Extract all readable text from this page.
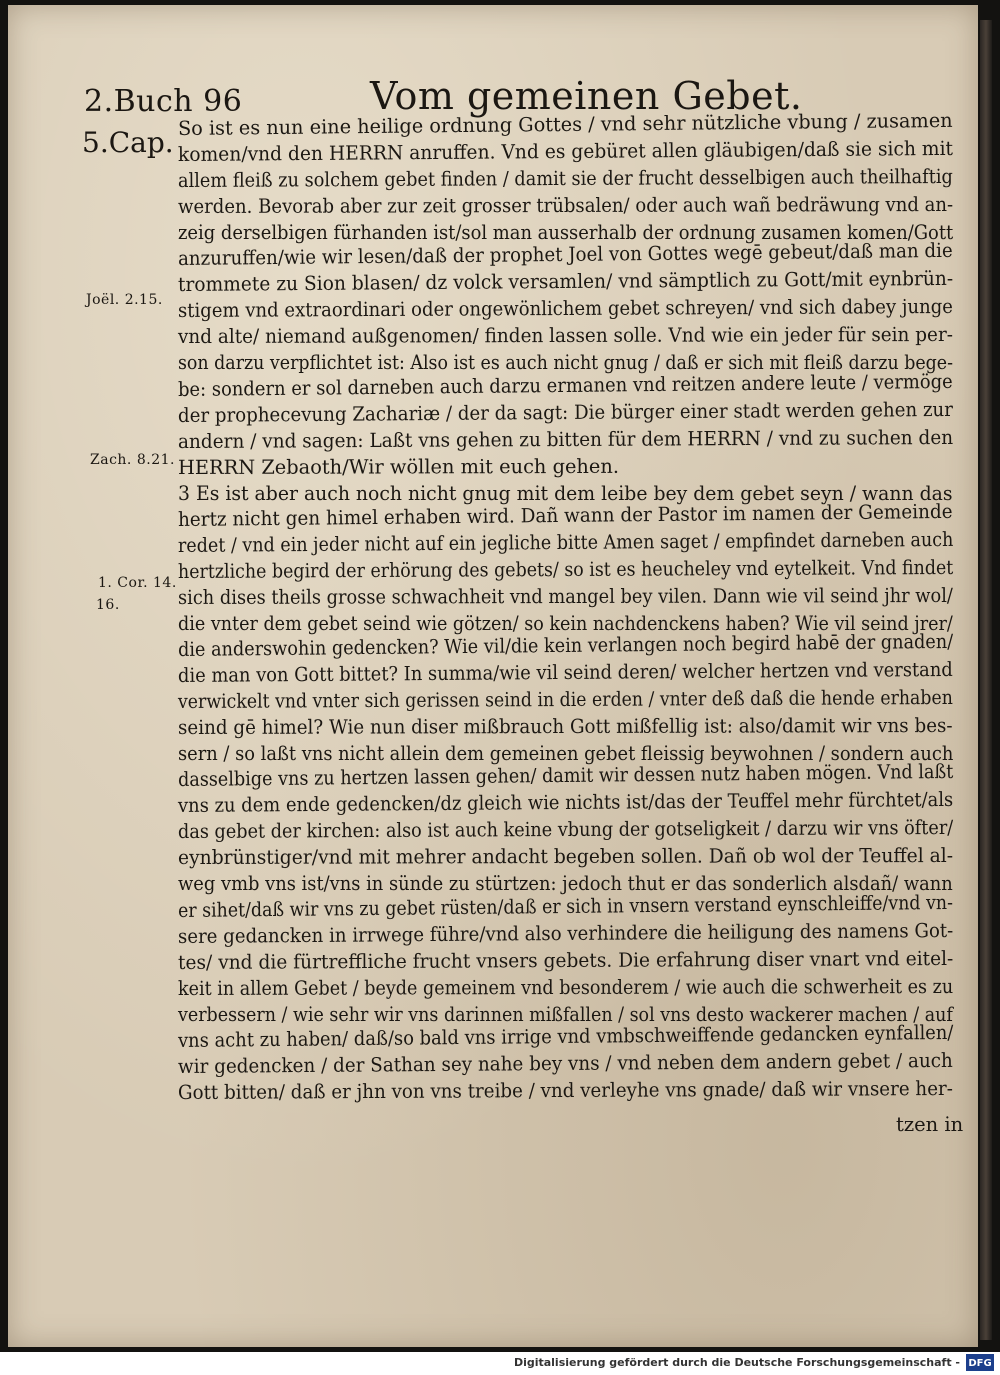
2.Buch 96	Vom gemeinen Gebet.
5.Cap.
Joël. 2.15.
Zach. 8.21.
1. Cor. 14.
16.
So ist es nun eine heilige ordnung Gottes / vnd sehr nützliche vbung / zusamen
komen/vnd den HERRN anruffen. Vnd es gebüret allen gläubigen/daß sie sich mit
allem fleiß zu solchem gebet finden / damit sie der frucht desselbigen auch theilhaftig
werden. Bevorab aber zur zeit grosser trübsalen/ oder auch wañ bedräwung vnd an-
zeig derselbigen fürhanden ist/sol man ausserhalb der ordnung zusamen komen/Gott
anzuruffen/wie wir lesen/daß der prophet Joel von Gottes wegē gebeut/daß man die
trommete zu Sion blasen/ dz volck versamlen/ vnd sämptlich zu Gott/mit eynbrün-
stigem vnd extraordinari oder ongewönlichem gebet schreyen/ vnd sich dabey junge
vnd alte/ niemand außgenomen/ finden lassen solle. Vnd wie ein jeder für sein per-
son darzu verpflichtet ist: Also ist es auch nicht gnug / daß er sich mit fleiß darzu bege-
be: sondern er sol darneben auch darzu ermanen vnd reitzen andere leute / vermöge
der prophecevung Zachariæ / der da sagt: Die bürger einer stadt werden gehen zur
andern / vnd sagen: Laßt vns gehen zu bitten für dem HERRN / vnd zu suchen den
HERRN Zebaoth/Wir wöllen mit euch gehen.
3 Es ist aber auch noch nicht gnug mit dem leibe bey dem gebet seyn / wann das
hertz nicht gen himel erhaben wird. Dañ wann der Pastor im namen der Gemeinde
redet / vnd ein jeder nicht auf ein jegliche bitte Amen saget / empfindet darneben auch
hertzliche begird der erhörung des gebets/ so ist es heucheley vnd eytelkeit. Vnd findet
sich dises theils grosse schwachheit vnd mangel bey vilen. Dann wie vil seind jhr wol/
die vnter dem gebet seind wie götzen/ so kein nachdenckens haben? Wie vil seind jrer/
die anderswohin gedencken? Wie vil/die kein verlangen noch begird habē der gnaden/
die man von Gott bittet? In summa/wie vil seind deren/ welcher hertzen vnd verstand
verwickelt vnd vnter sich gerissen seind in die erden / vnter deß daß die hende erhaben
seind gē himel? Wie nun diser mißbrauch Gott mißfellig ist: also/damit wir vns bes-
sern / so laßt vns nicht allein dem gemeinen gebet fleissig beywohnen / sondern auch
dasselbige vns zu hertzen lassen gehen/ damit wir dessen nutz haben mögen. Vnd laßt
vns zu dem ende gedencken/dz gleich wie nichts ist/das der Teuffel mehr fürchtet/als
das gebet der kirchen: also ist auch keine vbung der gotseligkeit / darzu wir vns öfter/
eynbrünstiger/vnd mit mehrer andacht begeben sollen. Dañ ob wol der Teuffel al-
weg vmb vns ist/vns in sünde zu stürtzen: jedoch thut er das sonderlich alsdañ/ wann
er sihet/daß wir vns zu gebet rüsten/daß er sich in vnsern verstand eynschleiffe/vnd vn-
sere gedancken in irrwege führe/vnd also verhindere die heiligung des namens Got-
tes/ vnd die fürtreffliche frucht vnsers gebets. Die erfahrung diser vnart vnd eitel-
keit in allem Gebet / beyde gemeinem vnd besonderem / wie auch die schwerheit es zu
verbessern / wie sehr wir vns darinnen mißfallen / sol vns desto wackerer machen / auf
vns acht zu haben/ daß/so bald vns irrige vnd vmbschweiffende gedancken eynfallen/
wir gedencken / der Sathan sey nahe bey vns / vnd neben dem andern gebet / auch
Gott bitten/ daß er jhn von vns treibe / vnd verleyhe vns gnade/ daß wir vnsere her-
tzen in
Digitalisierung gefördert durch die Deutsche Forschungsgemeinschaft - DFG
